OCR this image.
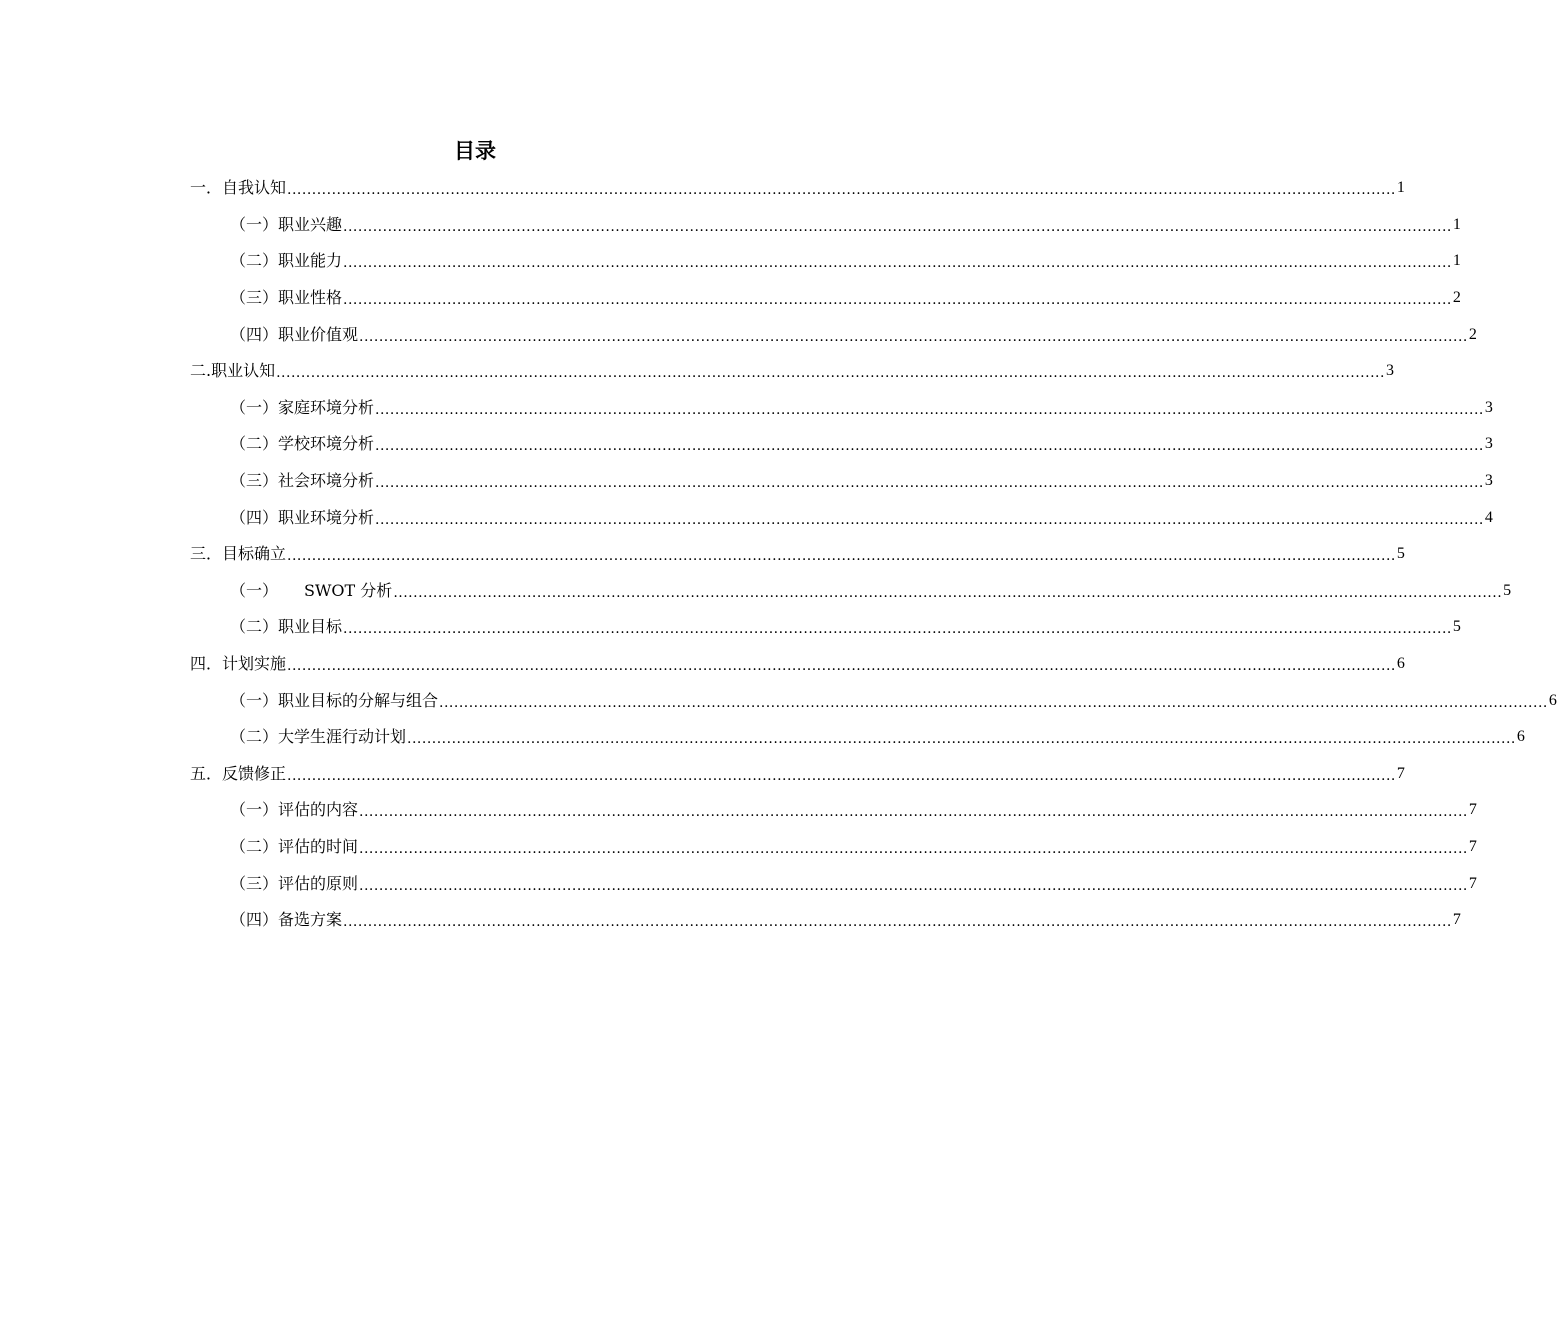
目录
一．自我认知 ................................................................................................................................................................................................................................ 1
（一）职业兴趣 ................................................................................................................................................................................................................................ 1
（二）职业能力 ................................................................................................................................................................................................................................ 1
（三）职业性格 ................................................................................................................................................................................................................................ 2
（四）职业价值观 ................................................................................................................................................................................................................................ 2
二.职业认知 ................................................................................................................................................................................................................................ 3
（一）家庭环境分析 ................................................................................................................................................................................................................................ 3
（二）学校环境分析 ................................................................................................................................................................................................................................ 3
（三）社会环境分析 ................................................................................................................................................................................................................................ 3
（四）职业环境分析 ................................................................................................................................................................................................................................ 4
三．目标确立 ................................................................................................................................................................................................................................ 5
（一） SWOT 分析 ................................................................................................................................................................................................................................ 5
（二）职业目标 ................................................................................................................................................................................................................................ 5
四．计划实施 ................................................................................................................................................................................................................................ 6
（一）职业目标的分解与组合 ................................................................................................................................................................................................................................ 6
（二）大学生涯行动计划 ................................................................................................................................................................................................................................ 6
五．反馈修正 ................................................................................................................................................................................................................................ 7
（一）评估的内容 ................................................................................................................................................................................................................................ 7
（二）评估的时间 ................................................................................................................................................................................................................................ 7
（三）评估的原则 ................................................................................................................................................................................................................................ 7
（四）备选方案 ................................................................................................................................................................................................................................ 7
